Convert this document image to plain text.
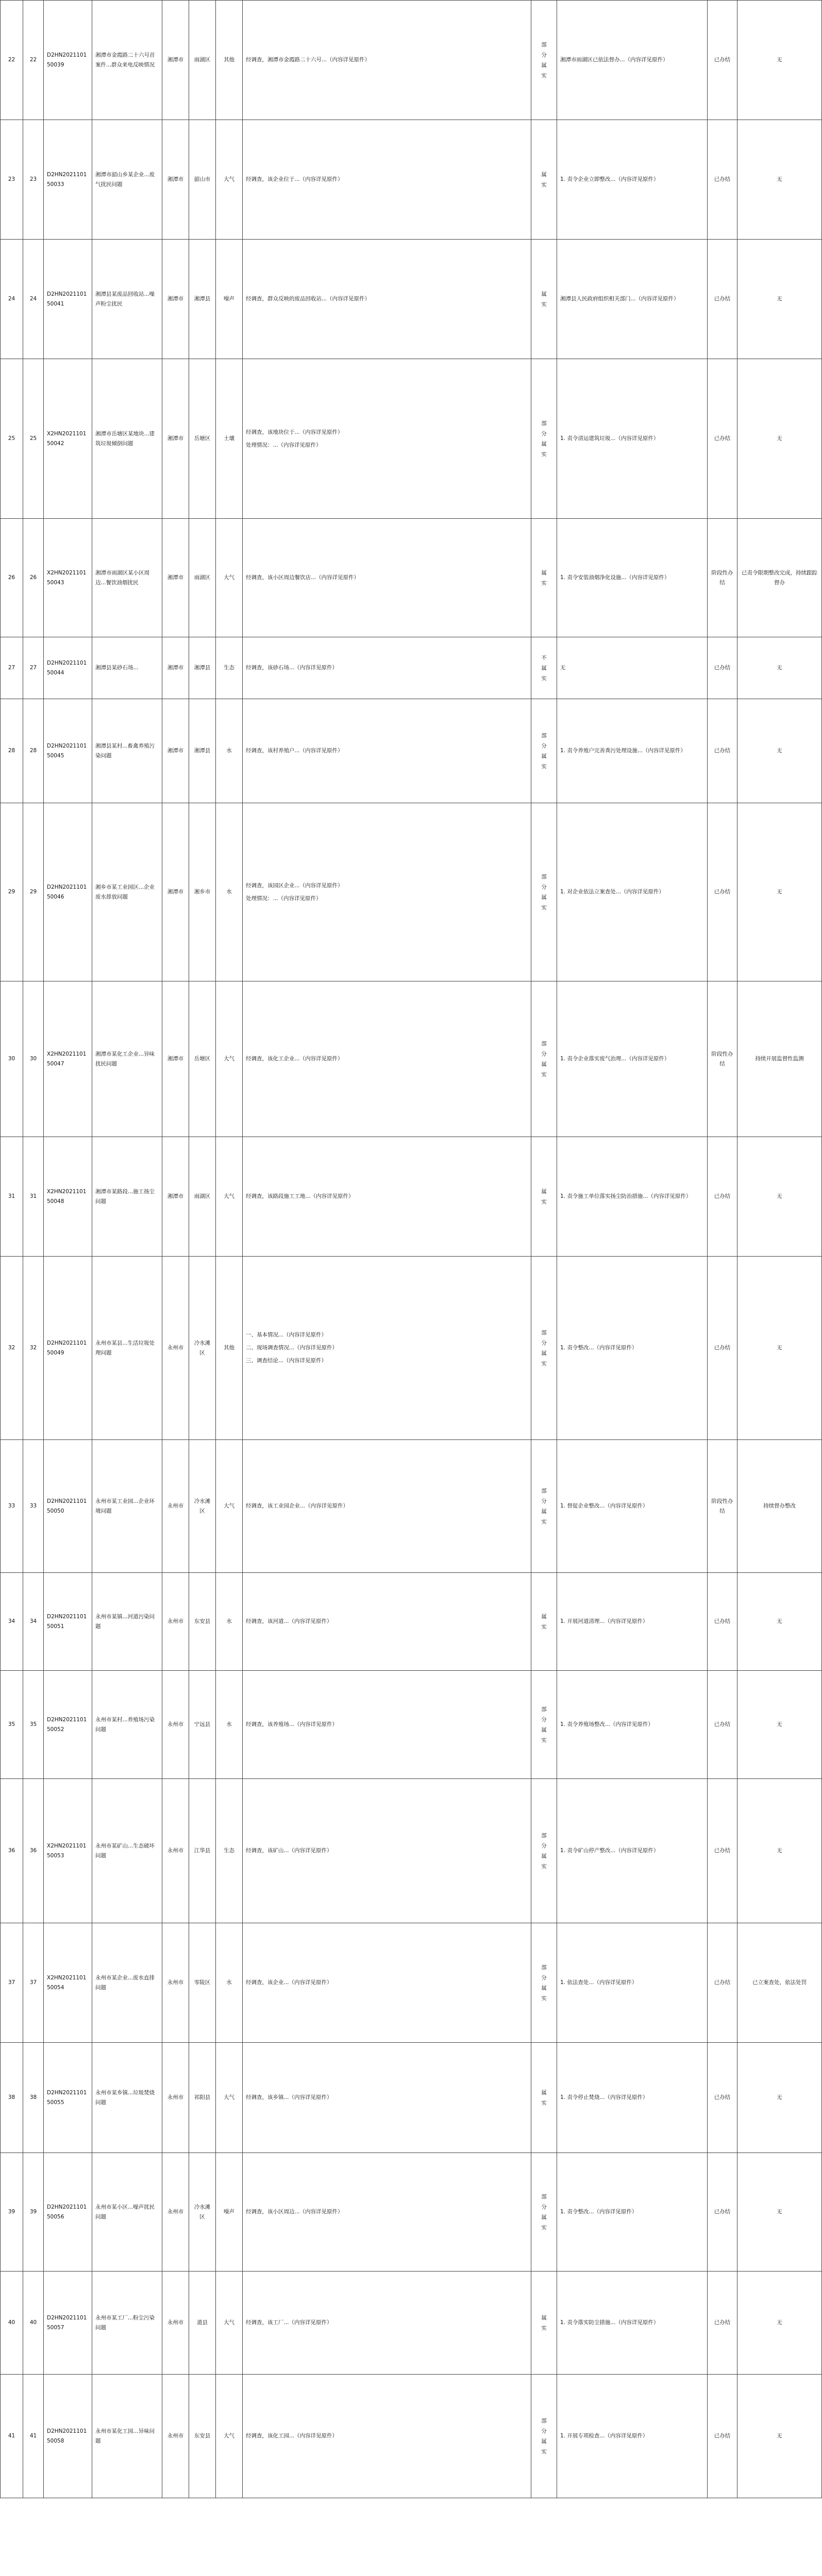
22	22	D2HN202110150039	湘潭市金霞路二十六号首案件...群众来电反映情况	湘潭市	雨湖区	其他	经调查，湘潭市金霞路二十六号...（内容详见原件）	部分属实	湘潭市雨湖区已依法督办...（内容详见原件）	已办结	无
23	23	D2HN202110150033	湘潭市韶山乡某企业...废气扰民问题	湘潭市	韶山市	大气	经调查，该企业位于...（内容详见原件）	属实	1. 责令企业立即整改...（内容详见原件）	已办结	无
24	24	D2HN202110150041	湘潭县某废品回收站...噪声粉尘扰民	湘潭市	湘潭县	噪声	经调查，群众反映的废品回收站...（内容详见原件）	属实	湘潭县人民政府组织相关部门...（内容详见原件）	已办结	无
25	25	X2HN202110150042	湘潭市岳塘区某地块...建筑垃圾倾倒问题	湘潭市	岳塘区	土壤	经调查，该地块位于...（内容详见原件）
处理情况：...（内容详见原件）	部分属实	1. 责令清运建筑垃圾...（内容详见原件）	已办结	无
26	26	X2HN202110150043	湘潭市雨湖区某小区周边...餐饮油烟扰民	湘潭市	雨湖区	大气	经调查，该小区周边餐饮店...（内容详见原件）	属实	1. 责令安装油烟净化设施...（内容详见原件）	阶段性办结	已责令限期整改完成，持续跟踪督办
27	27	D2HN202110150044	湘潭县某砂石场...	湘潭市	湘潭县	生态	经调查，该砂石场...（内容详见原件）	不属实	无	已办结	无
28	28	D2HN202110150045	湘潭县某村...畜禽养殖污染问题	湘潭市	湘潭县	水	经调查，该村养殖户...（内容详见原件）	部分属实	1. 责令养殖户完善粪污处理设施...（内容详见原件）	已办结	无
29	29	D2HN202110150046	湘乡市某工业园区...企业废水排放问题	湘潭市	湘乡市	水	经调查，该园区企业...（内容详见原件）
处理情况：...（内容详见原件）	部分属实	1. 对企业依法立案查处...（内容详见原件）	已办结	无
30	30	X2HN202110150047	湘潭市某化工企业...异味扰民问题	湘潭市	岳塘区	大气	经调查，该化工企业...（内容详见原件）	部分属实	1. 责令企业落实废气治理...（内容详见原件）	阶段性办结	持续开展监督性监测
31	31	X2HN202110150048	湘潭市某路段...施工扬尘问题	湘潭市	雨湖区	大气	经调查，该路段施工工地...（内容详见原件）	属实	1. 责令施工单位落实扬尘防治措施...（内容详见原件）	已办结	无
32	32	D2HN202110150049	永州市某县...生活垃圾处理问题	永州市	冷水滩区	其他	一、基本情况...（内容详见原件）
二、现场调查情况...（内容详见原件）
三、调查结论...（内容详见原件）	部分属实	1. 责令整改...（内容详见原件）	已办结	无
33	33	D2HN202110150050	永州市某工业园...企业环境问题	永州市	冷水滩区	大气	经调查，该工业园企业...（内容详见原件）	部分属实	1. 督促企业整改...（内容详见原件）	阶段性办结	持续督办整改
34	34	D2HN202110150051	永州市某镇...河道污染问题	永州市	东安县	水	经调查，该河道...（内容详见原件）	属实	1. 开展河道清理...（内容详见原件）	已办结	无
35	35	D2HN202110150052	永州市某村...养殖场污染问题	永州市	宁远县	水	经调查，该养殖场...（内容详见原件）	部分属实	1. 责令养殖场整改...（内容详见原件）	已办结	无
36	36	X2HN202110150053	永州市某矿山...生态破坏问题	永州市	江华县	生态	经调查，该矿山...（内容详见原件）	部分属实	1. 责令矿山停产整改...（内容详见原件）	已办结	无
37	37	X2HN202110150054	永州市某企业...废水直排问题	永州市	零陵区	水	经调查，该企业...（内容详见原件）	部分属实	1. 依法查处...（内容详见原件）	已办结	已立案查处，依法处罚
38	38	D2HN202110150055	永州市某乡镇...垃圾焚烧问题	永州市	祁阳县	大气	经调查，该乡镇...（内容详见原件）	属实	1. 责令停止焚烧...（内容详见原件）	已办结	无
39	39	D2HN202110150056	永州市某小区...噪声扰民问题	永州市	冷水滩区	噪声	经调查，该小区周边...（内容详见原件）	部分属实	1. 责令整改...（内容详见原件）	已办结	无
40	40	D2HN202110150057	永州市某工厂...粉尘污染问题	永州市	道县	大气	经调查，该工厂...（内容详见原件）	属实	1. 责令落实防尘措施...（内容详见原件）	已办结	无
41	41	D2HN202110150058	永州市某化工园...异味问题	永州市	东安县	大气	经调查，该化工园...（内容详见原件）	部分属实	1. 开展专项检查...（内容详见原件）	已办结	无
